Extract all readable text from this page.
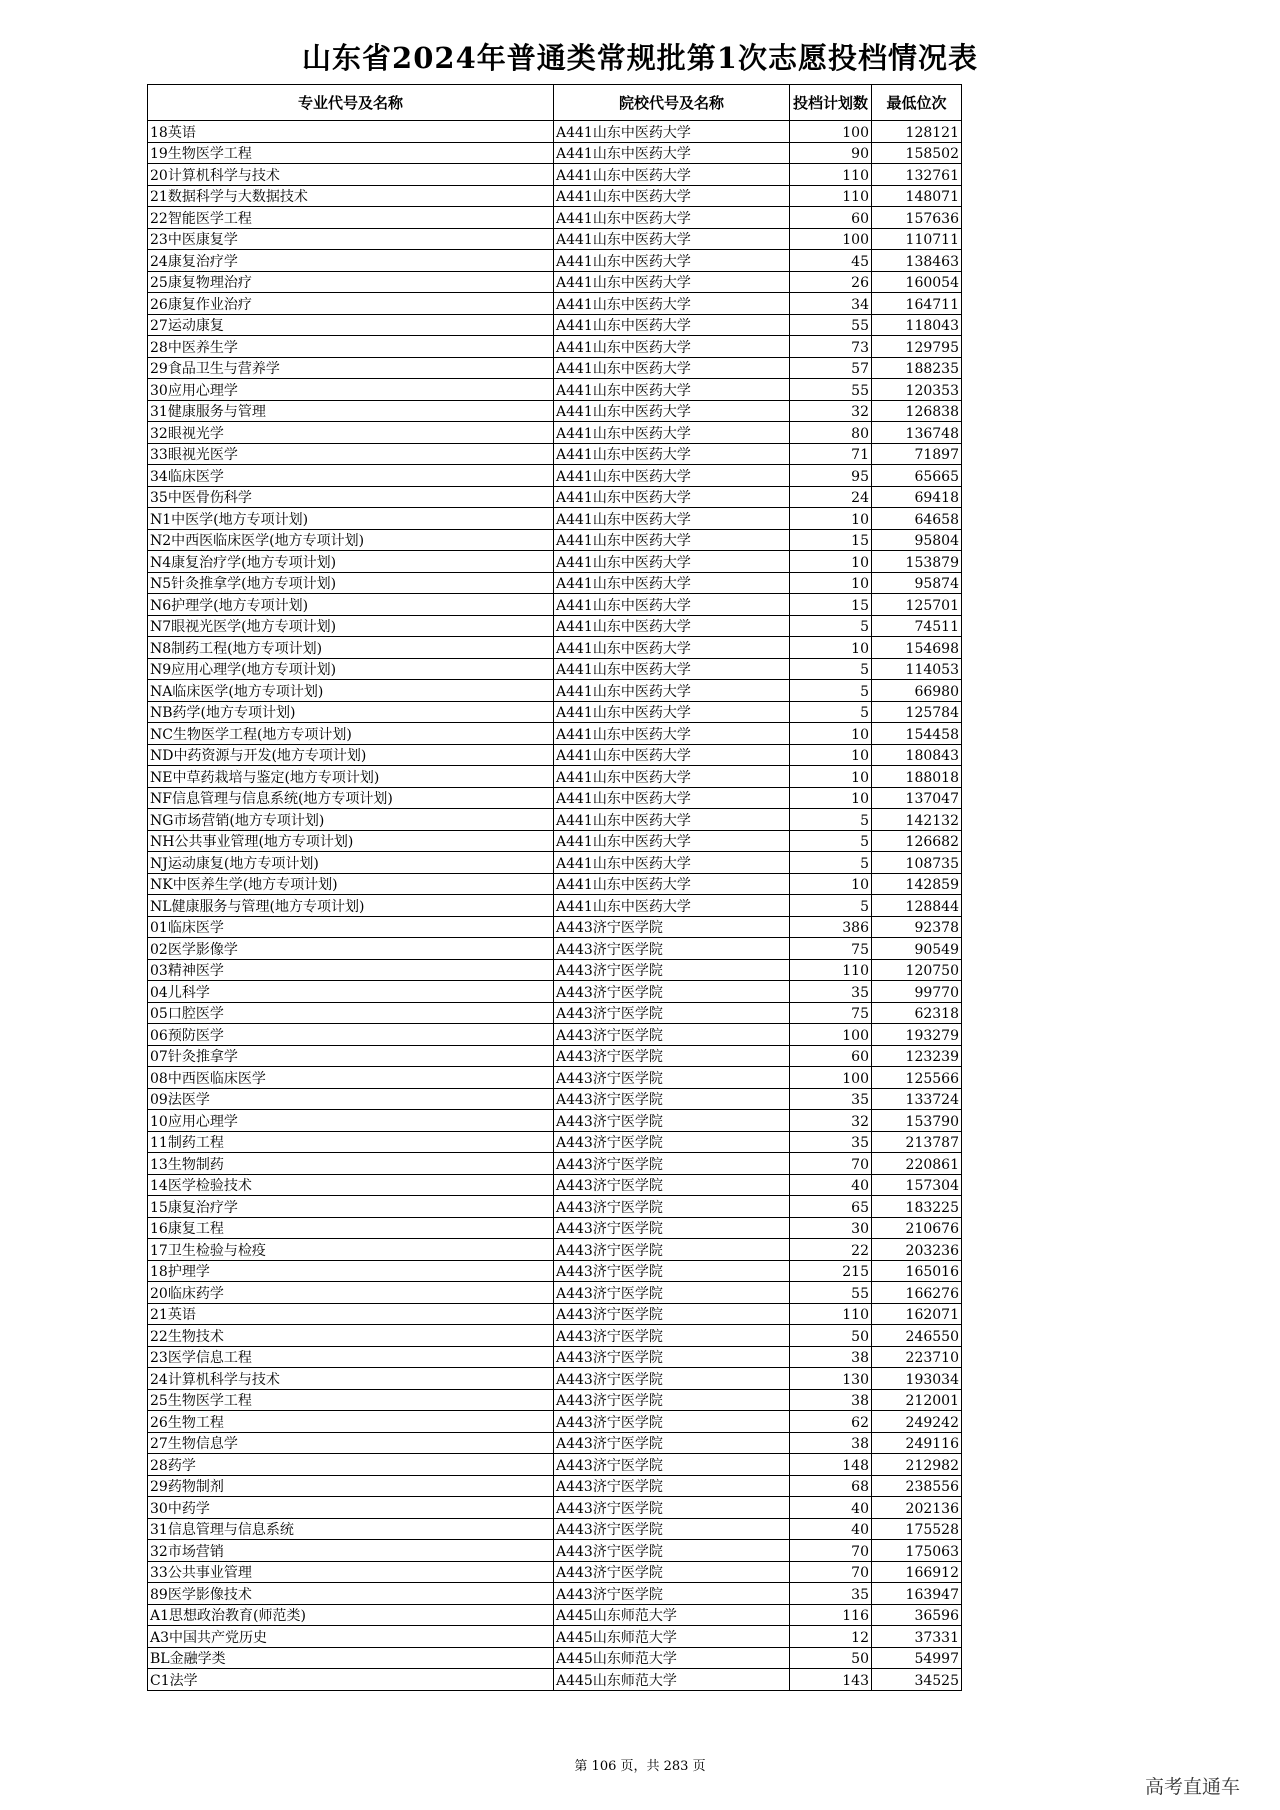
山东省2024年普通类常规批第1次志愿投档情况表
专业代号及名称	院校代号及名称	投档计划数	最低位次
18英语	A441山东中医药大学	100	128121
19生物医学工程	A441山东中医药大学	90	158502
20计算机科学与技术	A441山东中医药大学	110	132761
21数据科学与大数据技术	A441山东中医药大学	110	148071
22智能医学工程	A441山东中医药大学	60	157636
23中医康复学	A441山东中医药大学	100	110711
24康复治疗学	A441山东中医药大学	45	138463
25康复物理治疗	A441山东中医药大学	26	160054
26康复作业治疗	A441山东中医药大学	34	164711
27运动康复	A441山东中医药大学	55	118043
28中医养生学	A441山东中医药大学	73	129795
29食品卫生与营养学	A441山东中医药大学	57	188235
30应用心理学	A441山东中医药大学	55	120353
31健康服务与管理	A441山东中医药大学	32	126838
32眼视光学	A441山东中医药大学	80	136748
33眼视光医学	A441山东中医药大学	71	71897
34临床医学	A441山东中医药大学	95	65665
35中医骨伤科学	A441山东中医药大学	24	69418
N1中医学(地方专项计划)	A441山东中医药大学	10	64658
N2中西医临床医学(地方专项计划)	A441山东中医药大学	15	95804
N4康复治疗学(地方专项计划)	A441山东中医药大学	10	153879
N5针灸推拿学(地方专项计划)	A441山东中医药大学	10	95874
N6护理学(地方专项计划)	A441山东中医药大学	15	125701
N7眼视光医学(地方专项计划)	A441山东中医药大学	5	74511
N8制药工程(地方专项计划)	A441山东中医药大学	10	154698
N9应用心理学(地方专项计划)	A441山东中医药大学	5	114053
NA临床医学(地方专项计划)	A441山东中医药大学	5	66980
NB药学(地方专项计划)	A441山东中医药大学	5	125784
NC生物医学工程(地方专项计划)	A441山东中医药大学	10	154458
ND中药资源与开发(地方专项计划)	A441山东中医药大学	10	180843
NE中草药栽培与鉴定(地方专项计划)	A441山东中医药大学	10	188018
NF信息管理与信息系统(地方专项计划)	A441山东中医药大学	10	137047
NG市场营销(地方专项计划)	A441山东中医药大学	5	142132
NH公共事业管理(地方专项计划)	A441山东中医药大学	5	126682
NJ运动康复(地方专项计划)	A441山东中医药大学	5	108735
NK中医养生学(地方专项计划)	A441山东中医药大学	10	142859
NL健康服务与管理(地方专项计划)	A441山东中医药大学	5	128844
01临床医学	A443济宁医学院	386	92378
02医学影像学	A443济宁医学院	75	90549
03精神医学	A443济宁医学院	110	120750
04儿科学	A443济宁医学院	35	99770
05口腔医学	A443济宁医学院	75	62318
06预防医学	A443济宁医学院	100	193279
07针灸推拿学	A443济宁医学院	60	123239
08中西医临床医学	A443济宁医学院	100	125566
09法医学	A443济宁医学院	35	133724
10应用心理学	A443济宁医学院	32	153790
11制药工程	A443济宁医学院	35	213787
13生物制药	A443济宁医学院	70	220861
14医学检验技术	A443济宁医学院	40	157304
15康复治疗学	A443济宁医学院	65	183225
16康复工程	A443济宁医学院	30	210676
17卫生检验与检疫	A443济宁医学院	22	203236
18护理学	A443济宁医学院	215	165016
20临床药学	A443济宁医学院	55	166276
21英语	A443济宁医学院	110	162071
22生物技术	A443济宁医学院	50	246550
23医学信息工程	A443济宁医学院	38	223710
24计算机科学与技术	A443济宁医学院	130	193034
25生物医学工程	A443济宁医学院	38	212001
26生物工程	A443济宁医学院	62	249242
27生物信息学	A443济宁医学院	38	249116
28药学	A443济宁医学院	148	212982
29药物制剂	A443济宁医学院	68	238556
30中药学	A443济宁医学院	40	202136
31信息管理与信息系统	A443济宁医学院	40	175528
32市场营销	A443济宁医学院	70	175063
33公共事业管理	A443济宁医学院	70	166912
89医学影像技术	A443济宁医学院	35	163947
A1思想政治教育(师范类)	A445山东师范大学	116	36596
A3中国共产党历史	A445山东师范大学	12	37331
BL金融学类	A445山东师范大学	50	54997
C1法学	A445山东师范大学	143	34525
第 106 页，共 283 页
高考直通车
